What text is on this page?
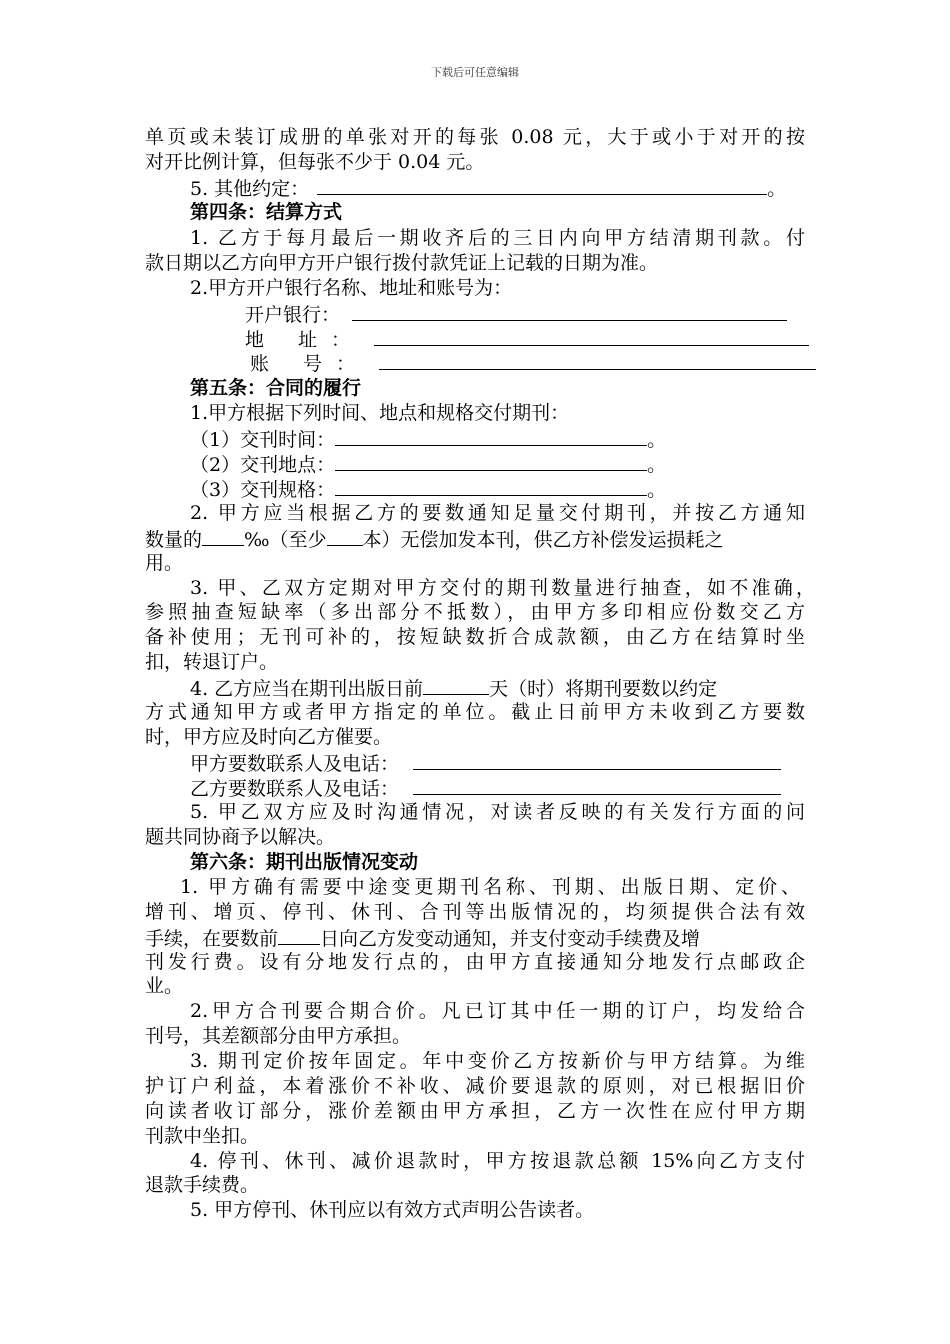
下载后可任意编辑
单页或未装订成册的单张对开的每张 0.08 元，大于或小于对开的按
对开比例计算，但每张不少于 0.04 元。
5. 其他约定：	。
第四条：结算方式
1. 乙方于每月最后一期收齐后的三日内向甲方结清期刊款。付
款日期以乙方向甲方开户银行拨付款凭证上记载的日期为准。
2.甲方开户银行名称、地址和账号为：
开户银行：
地 址：
账 号：
第五条：合同的履行
1.甲方根据下列时间、地点和规格交付期刊：
（1）交刊时间：	。
（2）交刊地点：	。
（3）交刊规格：	。
2. 甲方应当根据乙方的要数通知足量交付期刊，并按乙方通知
数量的 ‰（至少 本）无偿加发本刊，供乙方补偿发运损耗之
用。
3. 甲、乙双方定期对甲方交付的期刊数量进行抽查，如不准确，
参照抽查短缺率（多出部分不抵数），由甲方多印相应份数交乙方
备补使用；无刊可补的，按短缺数折合成款额，由乙方在结算时坐
扣，转退订户。
4. 乙方应当在期刊出版日前	天（时）将期刊要数以约定
方式通知甲方或者甲方指定的单位。截止日前甲方未收到乙方要数
时，甲方应及时向乙方催要。
甲方要数联系人及电话：
乙方要数联系人及电话：
5. 甲乙双方应及时沟通情况，对读者反映的有关发行方面的问
题共同协商予以解决。
第六条：期刊出版情况变动
1. 甲方确有需要中途变更期刊名称、刊期、出版日期、定价、
增刊、增页、停刊、休刊、合刊等出版情况的，均须提供合法有效
手续，在要数前 日向乙方发变动通知，并支付变动手续费及增
刊发行费。设有分地发行点的，由甲方直接通知分地发行点邮政企
业。
2.甲方合刊要合期合价。凡已订其中任一期的订户，均发给合
刊号，其差额部分由甲方承担。
3. 期刊定价按年固定。年中变价乙方按新价与甲方结算。为维
护订户利益，本着涨价不补收、减价要退款的原则，对已根据旧价
向读者收订部分，涨价差额由甲方承担，乙方一次性在应付甲方期
刊款中坐扣。
4. 停刊、休刊、减价退款时，甲方按退款总额 15%向乙方支付
退款手续费。
5. 甲方停刊、休刊应以有效方式声明公告读者。
